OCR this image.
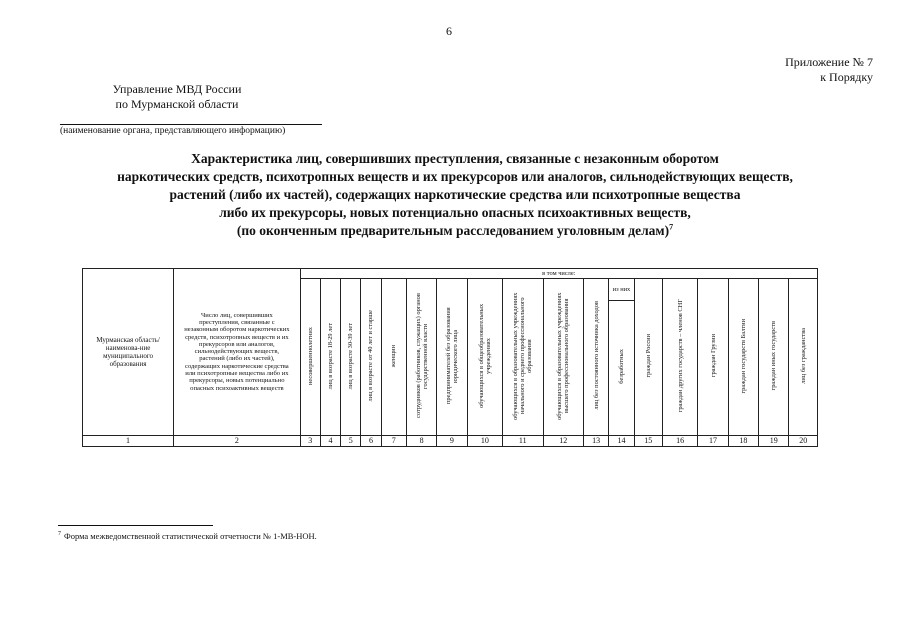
6
Приложение № 7
к Порядку
Управление МВД России
по Мурманской области
(наименование органа, представляющего информацию)
Характеристика лиц, совершивших преступления, связанные с незаконным оборотом
наркотических средств, психотропных веществ и их прекурсоров или аналогов, сильнодействующих веществ,
растений (либо их частей), содержащих наркотические средства или психотропные вещества
либо их прекурсоры, новых потенциально опасных психоактивных веществ,
(по оконченным предварительным расследованием уголовным делам)$^7$
Мурманская область/наименова-ние муниципального образования	Число лиц, совершивших преступления, связанные с незаконным оборотом наркотических средств, психотропных веществ и их прекурсоров или аналогов, сильнодействующих веществ, растений (либо их частей), содержащих наркотические средства или психотропные вещества либо их прекурсоры, новых потенциально опасных психоактивных веществ	в том числе:																	
		несовершеннолетних	лиц в возрасте 18-29 лет	лиц в возрасте 30-39 лет	лиц в возрасте от 40 лет и старше	женщин	сотрудников (работников, служащих) органов государственной власти	предпринимателей без образования юридического лица	обучающихся в общеобразовательных учреждениях	обучающихся в образовательных учреждениях начального и среднего профессионального образования	обучающихся в образовательных учреждениях высшего профессионального образования	лиц без постоянного источника доходов	из них	граждан России	граждан других государств – членов СНГ	граждан Грузии	граждан государств Балтии	граждан иных государств	лиц без гражданства
													безработных						
1	2	3	4	5	6	7	8	9	10	11	12	13	14	15	16	17	18	19	20

$^7$ Форма межведомственной статистической отчетности № 1-МВ-НОН.
